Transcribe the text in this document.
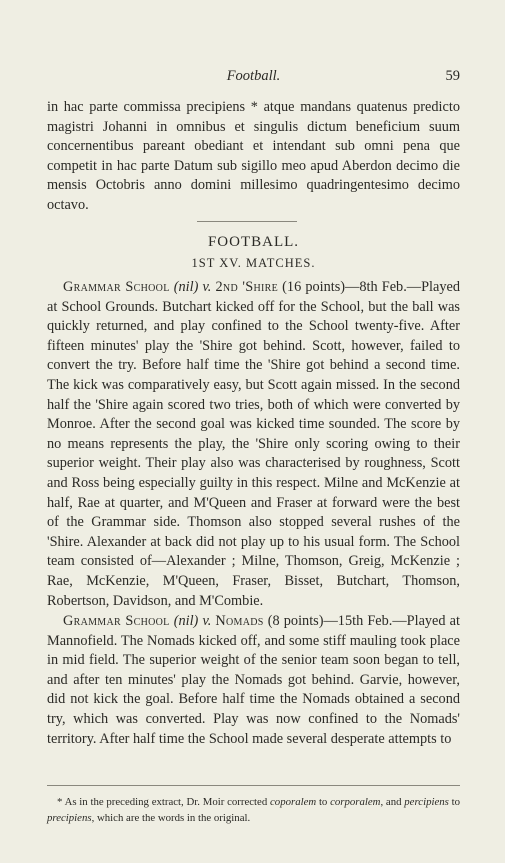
Football.	59
in hac parte commissa precipiens * atque mandans quatenus predicto magistri Johanni in omnibus et singulis dictum beneficium suum concernentibus pareant obediant et intendant sub omni pena que competit in hac parte Datum sub sigillo meo apud Aberdon decimo die mensis Octobris anno domini millesimo quadringentesimo decimo octavo.
FOOTBALL.
1ST XV. MATCHES.
Grammar School (nil) v. 2nd 'Shire (16 points)—8th Feb.—Played at School Grounds. Butchart kicked off for the School, but the ball was quickly returned, and play confined to the School twenty-five. After fifteen minutes' play the 'Shire got behind. Scott, however, failed to convert the try. Before half time the 'Shire got behind a second time. The kick was comparatively easy, but Scott again missed. In the second half the 'Shire again scored two tries, both of which were converted by Monroe. After the second goal was kicked time sounded. The score by no means represents the play, the 'Shire only scoring owing to their superior weight. Their play also was characterised by roughness, Scott and Ross being especially guilty in this respect. Milne and McKenzie at half, Rae at quarter, and M'Queen and Fraser at forward were the best of the Grammar side. Thomson also stopped several rushes of the 'Shire. Alexander at back did not play up to his usual form. The School team consisted of—Alexander ; Milne, Thomson, Greig, McKenzie ; Rae, McKenzie, M'Queen, Fraser, Bisset, Butchart, Thomson, Robertson, Davidson, and M'Combie.
Grammar School (nil) v. Nomads (8 points)—15th Feb.—Played at Mannofield. The Nomads kicked off, and some stiff mauling took place in mid field. The superior weight of the senior team soon began to tell, and after ten minutes' play the Nomads got behind. Garvie, however, did not kick the goal. Before half time the Nomads obtained a second try, which was converted. Play was now confined to the Nomads' territory. After half time the School made several desperate attempts to
* As in the preceding extract, Dr. Moir corrected coporalem to corporalem, and percipiens to precipiens, which are the words in the original.
